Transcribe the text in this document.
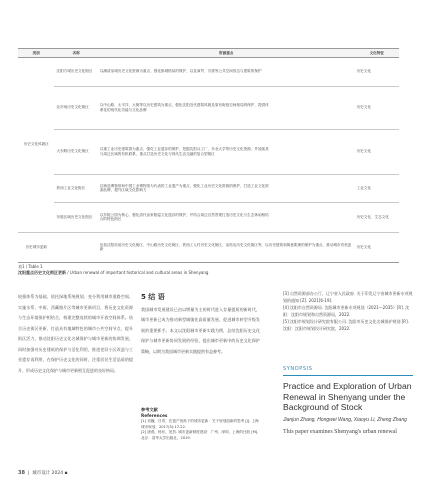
类别	名称	资源重点		文化特征
历史文化风貌区	沈阳方城历史文化街区	以满清皇城历史文化资源为重点，强化都城格局的保护，以及商贸、宗族等公共空间形态与建筑的保护		历史文化
	北市场历史文化街区	以中山路、太平洋、大街等以历史建筑为重点，强化沈阳近代建筑风貌及原有街巷空间格局的保护，提供体系化的现代化功能与文化品牌		历史文化
	大东路历史文化街区	以重工业历史建筑群为重点，强化工业遗存的保护，挖掘沈阳兵工厂、东北大学等历史文化资源，并延续其与周边区域的有机联系，重点打造历史文化与现代生活交融的复合型街区		历史文化
	铁西工业文化街区	以铸造博物馆和中国工业博物馆为代表的工业遗产为重点，强化工业历史文化资源的保护，打造工业文化旅游品牌，提升区域文化影响力		工业文化
	东陵区域历史文化街区	以东陵公园为核心，强化清代皇家陵寝文化遗存的保护，并结合周边自然景观打造历史文化与生态休闲相结合的特色街区		历史文化、生态文化
历史城市更新		包括沈阳站前历史文化街区、中山路历史文化街区、铁西工人村历史文化街区、皇姑屯历史文化街区等，以历史建筑和街巷肌理的保护为重点，推动城市有机更新		历史文化
表1 / Table 1
沈阳重点历史文化街区更新 / Urban renewal of important historical and cultural areas in Shenyang

较强体系为基础，依托绿地系统规划，充分利用城市道路空间、实施水系、中街、西藏路片区等城市更新项目，将历史文化资源与生态环境保护相结合，构建完整连续的城市开放空间体系。结合历史街区更新，打造具有地域特色的城市公共空间节点，提升街区活力，推动沈阳历史文化名城保护与城市更新的协调发展。同时加强对历史建筑的保护与活化利用，推进老旧小区改造与工业遗存再利用，在保护历史文化的同时，注重居民生活品质的提升，形成历史文化保护与城市更新相互促进的良好格局。

5 结 语

我国城市发展建设已由以增量为主的时代进入存量提质的新时代，城市更新已成为推动新型城镇化高质量发展、促进城市转型升级发展的重要抓手。本文以沈阳城市更新实践为例，总结沈阳历史文化保护与城市更新协同发展的经验，提出城市更新中的历史文化保护策略，以期为我国城市更新实践提供有益参考。

参考文献
References
[1] 邓巍，吕青，在遗产视角下的城市更新：关于规划创新的思考 [J]. 上海城市规划，2017(5):17-22.
[2] 唐燕，杨东，祝贺. 城市更新制度建设：广州、深圳、上海的比较 [M]. 北京：清华大学出版社，2019.

[3] 自然资源部办公厅、辽宁省人民政府. 关于印发辽宁省城市更新专项规划的通知 [Z]. 2021[6-19].

[4] 沈阳市自然资源局. 沈阳城市更新专项规划（2021—2035）[R]. 沈阳：沈阳市规划和自然资源局，2022.

[5] 沈阳市规划设计研究院有限公司. 沈阳市历史文化名城保护规划 [R]. 沈阳：沈阳市规划设计研究院，2022.

SYNOPSIS
Practice and Exploration of Urban Renewal in Shenyang under the Background of Stock
Jianjun Zhang, Hongwei Wang, Xiaoyu Li, Zheng Zhang
This paper examines Shenyang's urban renewal
38  |  城市设计 2024 ▪
